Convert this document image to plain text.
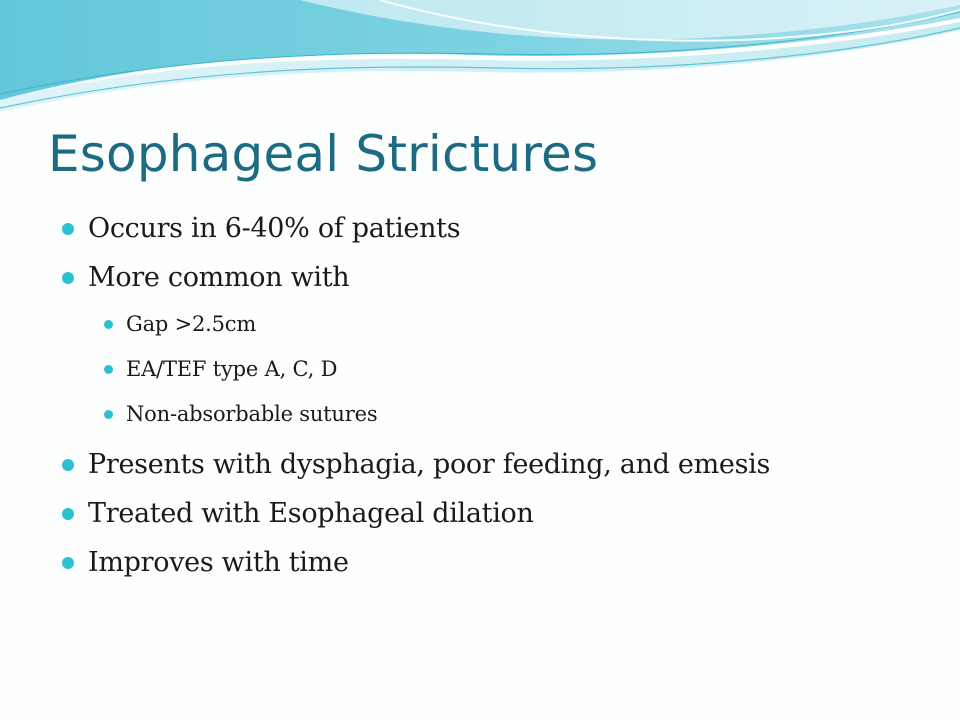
Esophageal Strictures
Occurs in 6-40% of patients
More common with
Gap >2.5cm
EA/TEF type A, C, D
Non-absorbable sutures
Presents with dysphagia, poor feeding, and emesis
Treated with Esophageal dilation
Improves with time
